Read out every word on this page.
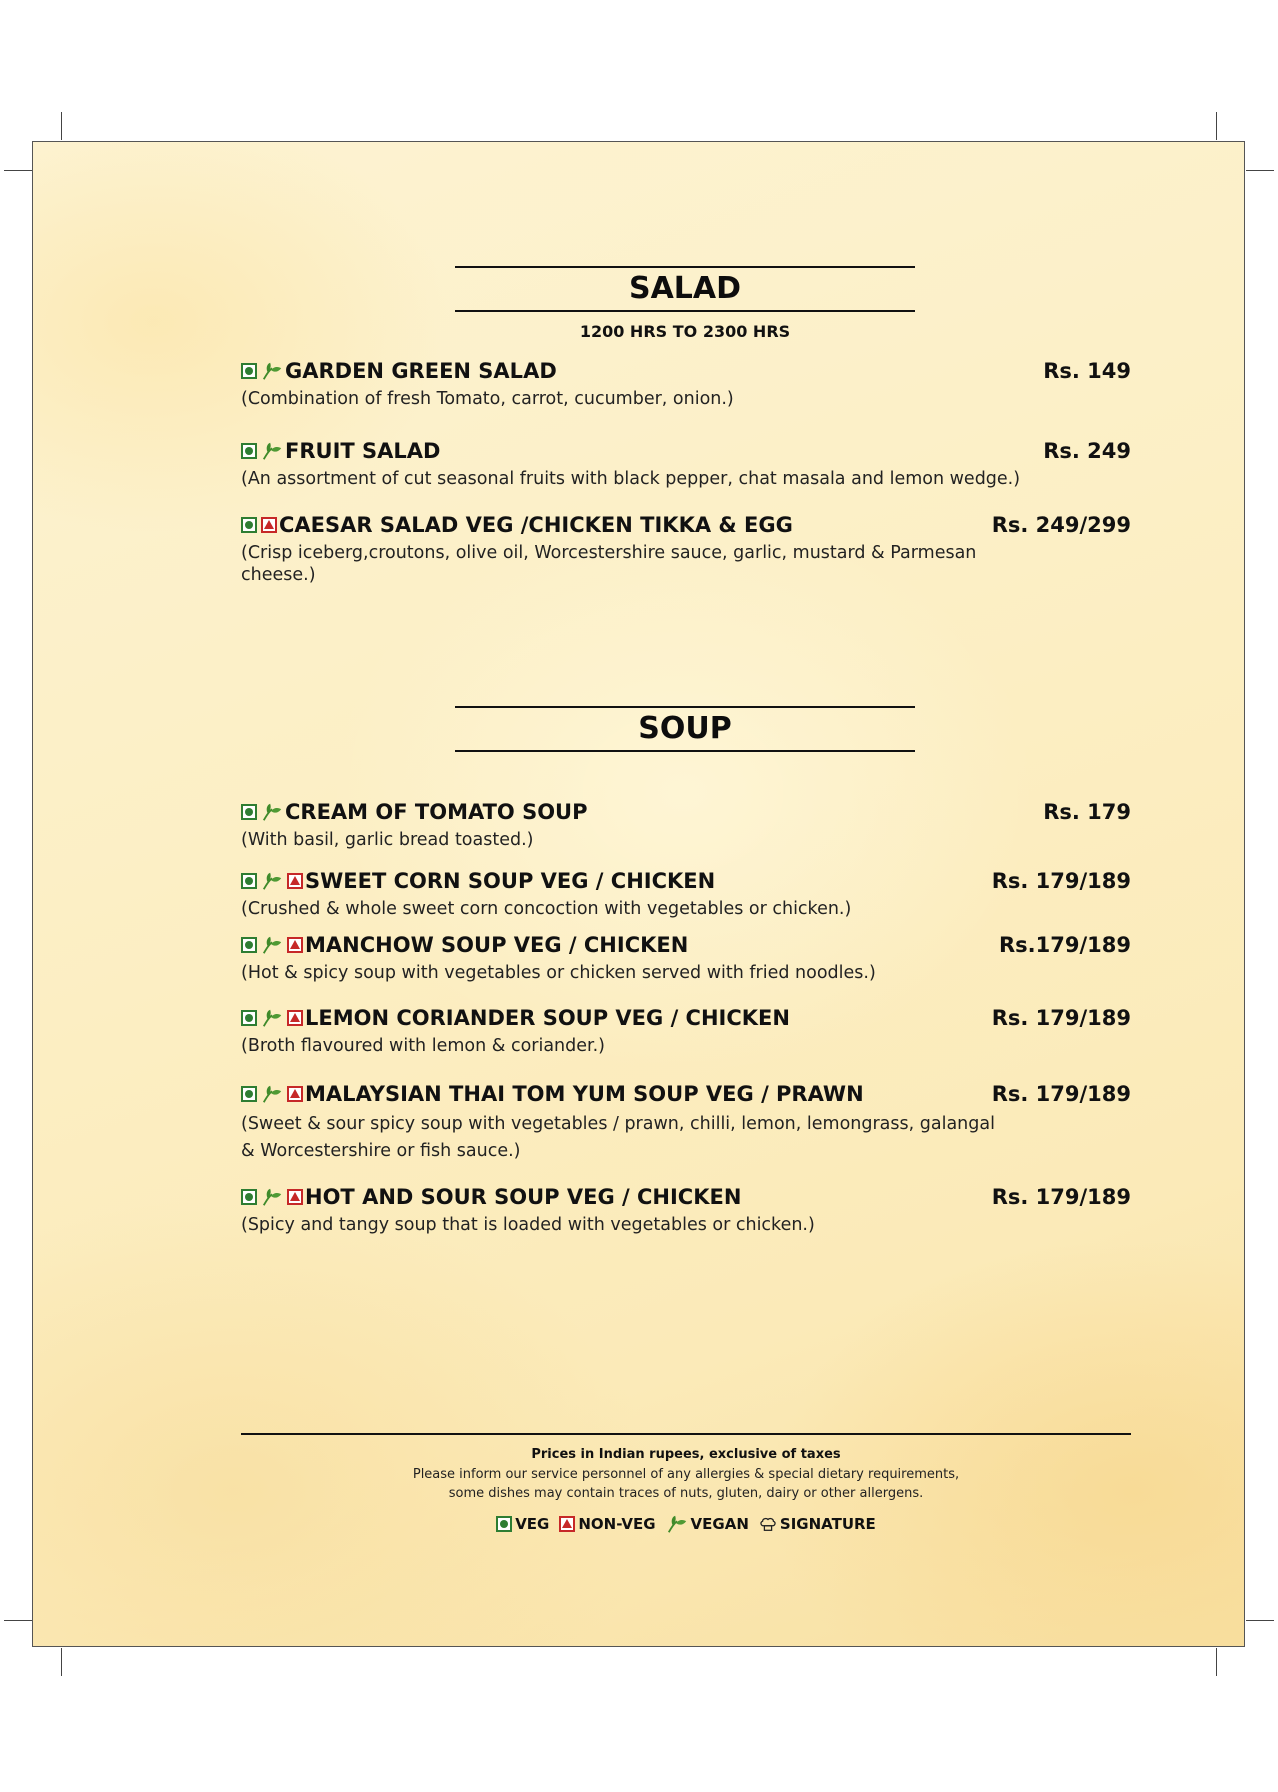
SALAD
1200 HRS TO 2300 HRS
GARDEN GREEN SALAD	Rs. 149
(Combination of fresh Tomato, carrot, cucumber, onion.)
FRUIT SALAD	Rs. 249
(An assortment of cut seasonal fruits with black pepper, chat masala and lemon wedge.)
CAESAR SALAD VEG /CHICKEN TIKKA & EGG	Rs. 249/299
(Crisp iceberg,croutons, olive oil, Worcestershire sauce, garlic, mustard & Parmesan cheese.)
SOUP
CREAM OF TOMATO SOUP	Rs. 179
(With basil, garlic bread toasted.)
SWEET CORN SOUP VEG / CHICKEN	Rs. 179/189
(Crushed & whole sweet corn concoction with vegetables or chicken.)
MANCHOW SOUP VEG / CHICKEN	Rs.179/189
(Hot & spicy soup with vegetables or chicken served with fried noodles.)
LEMON CORIANDER SOUP VEG / CHICKEN	Rs. 179/189
(Broth flavoured with lemon & coriander.)
MALAYSIAN THAI TOM YUM SOUP VEG / PRAWN	Rs. 179/189
(Sweet & sour spicy soup with vegetables / prawn, chilli, lemon, lemongrass, galangal & Worcestershire or fish sauce.)
HOT AND SOUR SOUP VEG / CHICKEN	Rs. 179/189
(Spicy and tangy soup that is loaded with vegetables or chicken.)
Prices in Indian rupees, exclusive of taxes
Please inform our service personnel of any allergies & special dietary requirements,
some dishes may contain traces of nuts, gluten, dairy or other allergens.
VEG NON-VEG VEGAN SIGNATURE
